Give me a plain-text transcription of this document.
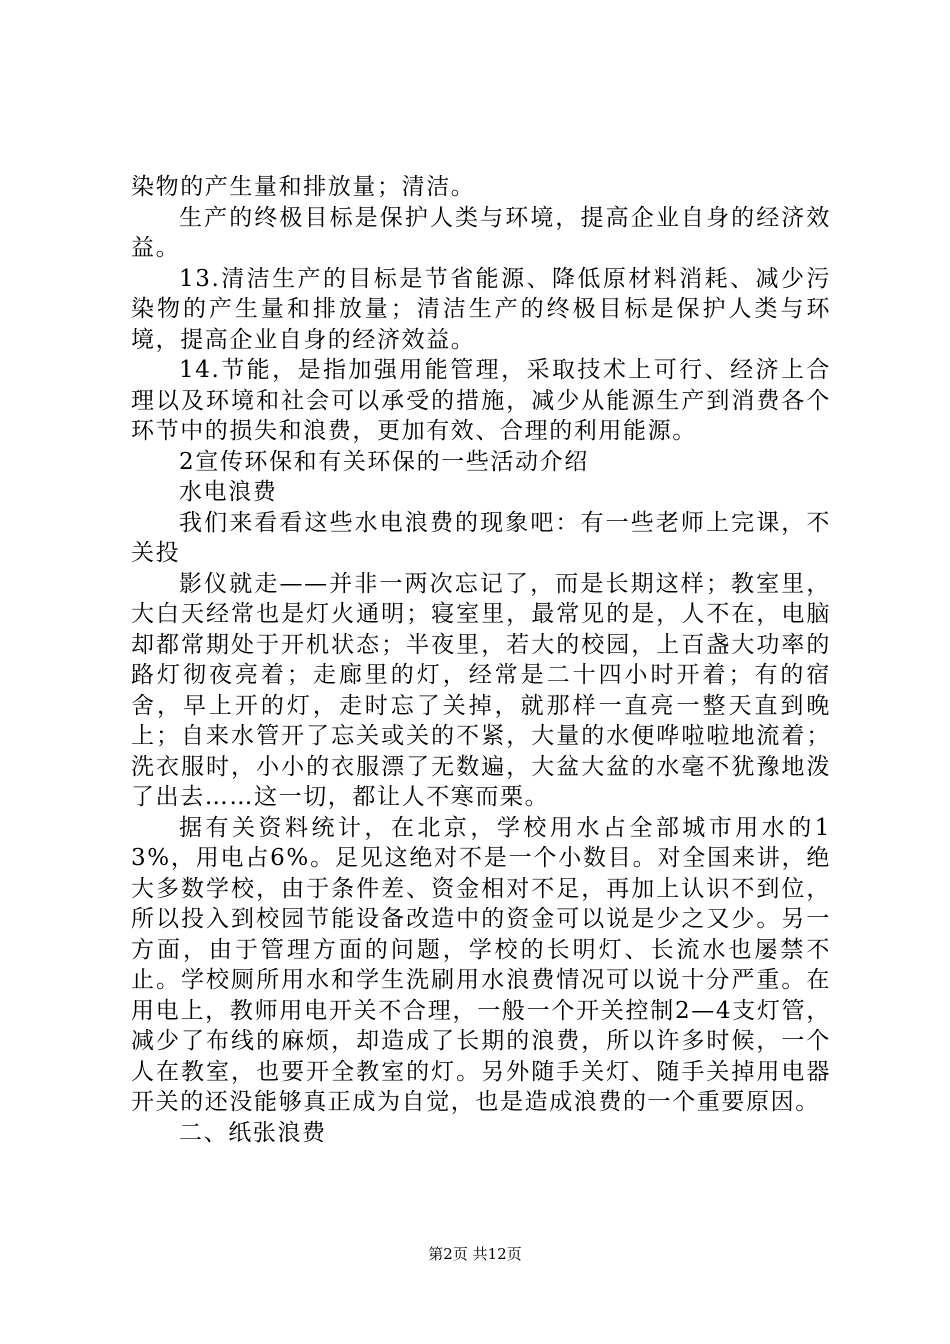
染物的产生量和排放量；清洁。

生产的终极目标是保护人类与环境，提高企业自身的经济效益。

13.清洁生产的目标是节省能源、降低原材料消耗、减少污染物的产生量和排放量；清洁生产的终极目标是保护人类与环境，提高企业自身的经济效益。

14.节能，是指加强用能管理，采取技术上可行、经济上合理以及环境和社会可以承受的措施，减少从能源生产到消费各个环节中的损失和浪费，更加有效、合理的利用能源。

2宣传环保和有关环保的一些活动介绍

水电浪费

我们来看看这些水电浪费的现象吧：有一些老师上完课，不关投

影仪就走——并非一两次忘记了，而是长期这样；教室里，大白天经常也是灯火通明；寝室里，最常见的是，人不在，电脑却都常期处于开机状态；半夜里，若大的校园，上百盏大功率的路灯彻夜亮着；走廊里的灯，经常是二十四小时开着；有的宿舍，早上开的灯，走时忘了关掉，就那样一直亮一整天直到晚上；自来水管开了忘关或关的不紧，大量的水便哗啦啦地流着；洗衣服时，小小的衣服漂了无数遍，大盆大盆的水毫不犹豫地泼了出去……这一切，都让人不寒而栗。

据有关资料统计，在北京，学校用水占全部城市用水的13%，用电占6%。足见这绝对不是一个小数目。对全国来讲，绝大多数学校，由于条件差、资金相对不足，再加上认识不到位，所以投入到校园节能设备改造中的资金可以说是少之又少。另一方面，由于管理方面的问题，学校的长明灯、长流水也屡禁不止。学校厕所用水和学生洗刷用水浪费情况可以说十分严重。在用电上，教师用电开关不合理，一般一个开关控制2—4支灯管，减少了布线的麻烦，却造成了长期的浪费，所以许多时候，一个人在教室，也要开全教室的灯。另外随手关灯、随手关掉用电器开关的还没能够真正成为自觉，也是造成浪费的一个重要原因。

二、纸张浪费

第2页 共12页
